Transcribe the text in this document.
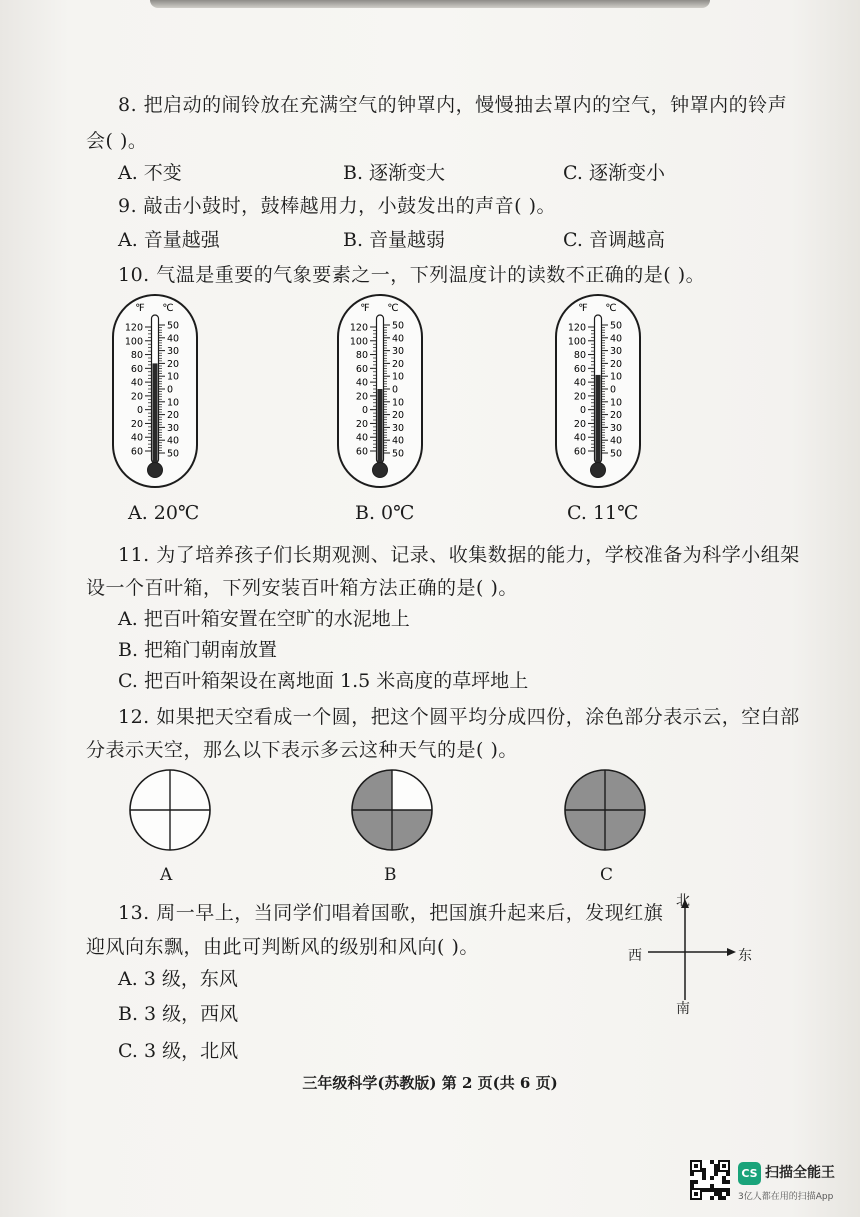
8. 把启动的闹铃放在充满空气的钟罩内，慢慢抽去罩内的空气，钟罩内的铃声
会( )。
A. 不变	B. 逐渐变大	C. 逐渐变小
9. 敲击小鼓时，鼓棒越用力，小鼓发出的声音( )。
A. 音量越强	B. 音量越弱	C. 音调越高
10. 气温是重要的气象要素之一，下列温度计的读数不正确的是( )。
℉ ℃
50
40
30
20
10
0
10
20
30
40
50
120
100
80
60
40
20
0
20
40
60
℉ ℃
50
40
30
20
10
0
10
20
30
40
50
120
100
80
60
40
20
0
20
40
60
℉ ℃
50
40
30
20
10
0
10
20
30
40
50
120
100
80
60
40
20
0
20
40
60
A. 20℃	B. 0℃	C. 11℃
11. 为了培养孩子们长期观测、记录、收集数据的能力，学校准备为科学小组架
设一个百叶箱，下列安装百叶箱方法正确的是( )。
A. 把百叶箱安置在空旷的水泥地上
B. 把箱门朝南放置
C. 把百叶箱架设在离地面 1.5 米高度的草坪地上
12. 如果把天空看成一个圆，把这个圆平均分成四份，涂色部分表示云，空白部
分表示天空，那么以下表示多云这种天气的是( )。
A	B	C
13. 周一早上，当同学们唱着国歌，把国旗升起来后，发现红旗
迎风向东飘，由此可判断风的级别和风向( )。
A. 3 级，东风
B. 3 级，西风
C. 3 级，北风
北
南
西	东
三年级科学(苏教版) 第 2 页(共 6 页)
CS 扫描全能王
3亿人都在用的扫描App
